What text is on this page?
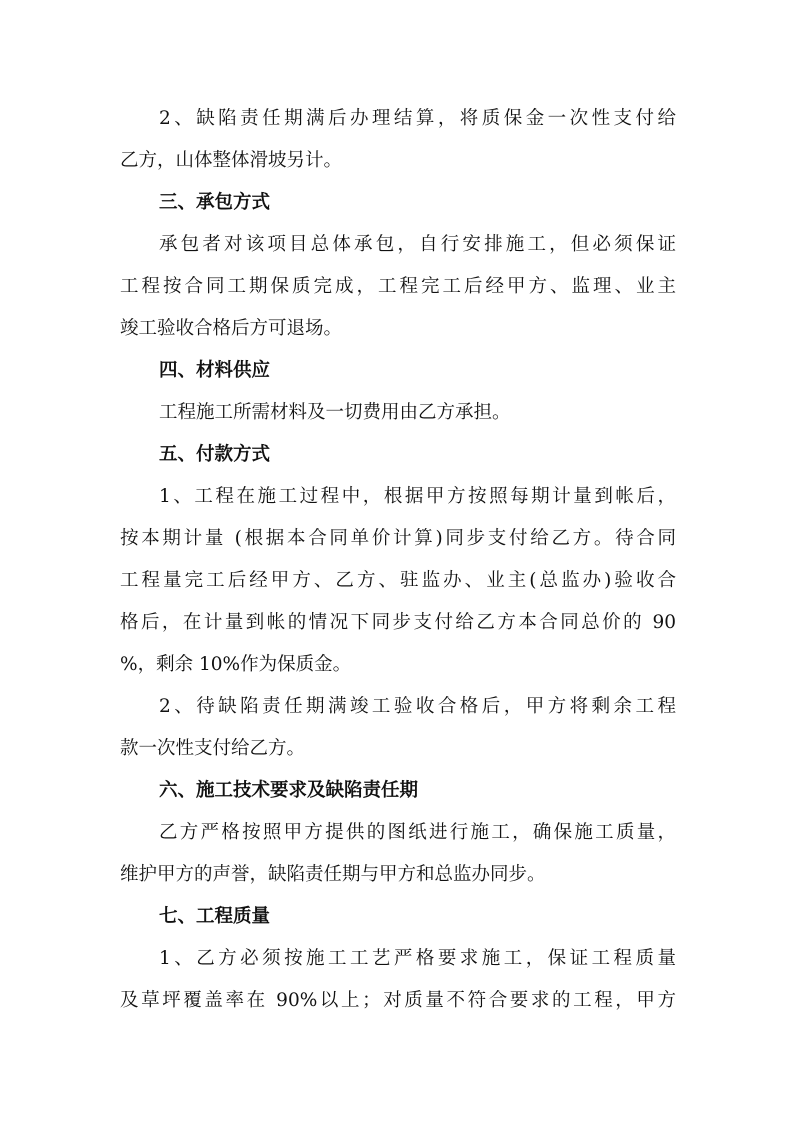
2、缺陷责任期满后办理结算，将质保金一次性支付给
乙方，山体整体滑坡另计。
三、承包方式
承包者对该项目总体承包，自行安排施工，但必须保证
工程按合同工期保质完成，工程完工后经甲方、监理、业主
竣工验收合格后方可退场。
四、材料供应
工程施工所需材料及一切费用由乙方承担。
五、付款方式
1、工程在施工过程中，根据甲方按照每期计量到帐后，
按本期计量 (根据本合同单价计算)同步支付给乙方。待合同
工程量完工后经甲方、乙方、驻监办、业主(总监办)验收合
格后，在计量到帐的情况下同步支付给乙方本合同总价的 90
%，剩余 10%作为保质金。
2、待缺陷责任期满竣工验收合格后，甲方将剩余工程
款一次性支付给乙方。
六、施工技术要求及缺陷责任期
乙方严格按照甲方提供的图纸进行施工，确保施工质量，
维护甲方的声誉，缺陷责任期与甲方和总监办同步。
七、工程质量
1、乙方必须按施工工艺严格要求施工，保证工程质量
及草坪覆盖率在 90%以上；对质量不符合要求的工程，甲方
